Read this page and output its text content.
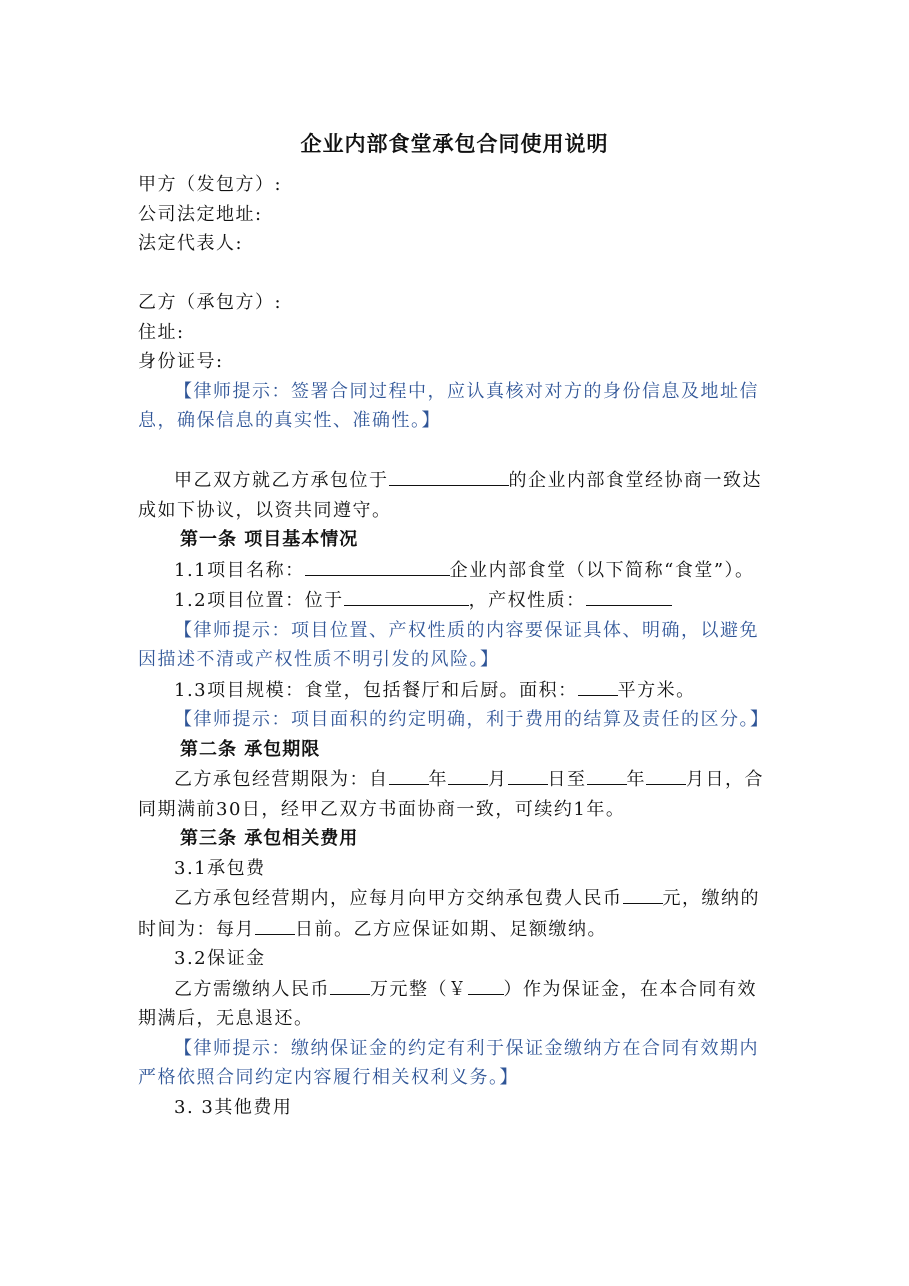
企业内部食堂承包合同使用说明

甲方（发包方）:

公司法定地址:

法定代表人:

乙方（承包方）:

住址:

身份证号:

【律师提示：签署合同过程中，应认真核对对方的身份信息及地址信息，确保信息的真实性、准确性。】

甲乙双方就乙方承包位于	的企业内部食堂经协商一致达成如下协议，以资共同遵守。

第一条 项目基本情况

1.1项目名称：	企业内部食堂（以下简称“食堂”）。

1.2项目位置：位于	，产权性质：

【律师提示：项目位置、产权性质的内容要保证具体、明确，以避免因描述不清或产权性质不明引发的风险。】

1.3项目规模：食堂，包括餐厅和后厨。面积： 平方米。

【律师提示：项目面积的约定明确，利于费用的结算及责任的区分。】

第二条 承包期限

乙方承包经营期限为：自 年 月 日至 年 月日，合同期满前30日，经甲乙双方书面协商一致，可续约1年。

第三条 承包相关费用

3.1承包费

乙方承包经营期内，应每月向甲方交纳承包费人民币 元，缴纳的时间为：每月 日前。乙方应保证如期、足额缴纳。

3.2保证金

乙方需缴纳人民币 万元整（￥ ）作为保证金，在本合同有效期满后，无息退还。

【律师提示：缴纳保证金的约定有利于保证金缴纳方在合同有效期内严格依照合同约定内容履行相关权利义务。】

3. 3其他费用
